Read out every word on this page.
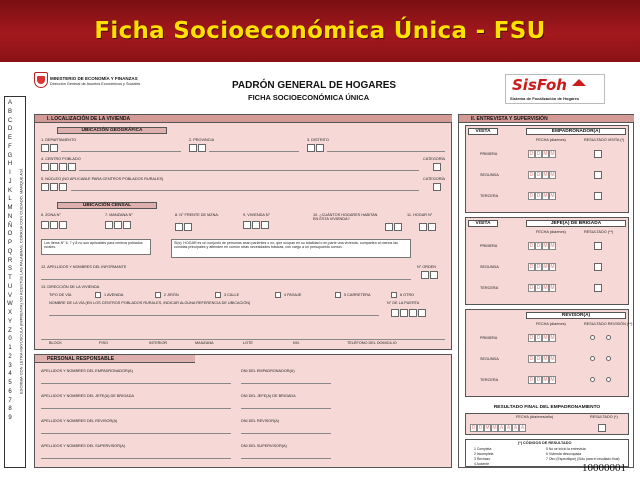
Ficha Socioeconómica Única - FSU
MINISTERIO DE ECONOMÍA Y FINANZAS
Dirección General de Asuntos Económicos y Sociales	PADRÓN GENERAL DE HOGARES
FICHA SOCIOECONÓMICA ÚNICA
SisFoh
Sistema de Focalización de Hogares
A
B
C
D
E
F
G
H
I
J
K
L
M
N
Ñ
O
P
Q
R
S
T
U
V
W
X
Y
Z
0
1
2
3
4
5
6
7
8
9
ESCRIBA CON LETRA MAYÚSCULA (IMPRENTA) NO ACENTÚE LAS PALABRAS, CORRIJA CON CUIDADO, MARQUE ASÍ
I. LOCALIZACIÓN DE LA VIVIENDA
UBICACIÓN GEOGRÁFICA
1. DEPARTAMENTO	2. PROVINCIA	3. DISTRITO
4. CENTRO POBLADO	CATEGORÍA
5. NÚCLEO (NO APLICABLE PARA CENTROS POBLADOS RURALES)	CATEGORÍA
UBICACIÓN CENSAL
6. ZONA N°	7. MANZANA N°	8. N° FRENTE DE MZNA.	9. VIVIENDA N°	10. ¿CUÁNTOS HOGARES HABITAN EN ESTA VIVIENDA?
11. HOGAR N°
Los ítems N° 6, 7 y 8 no son aplicables para centros poblados rurales.
Si(s): HOGAR es un conjunto de personas sean parientes o no, que ocupan en su totalidad o en parte una vivienda, comparten al menos las comidas principales y atienden en común otras necesidades básicas, con cargo a un presupuesto común.
12. APELLIDOS Y NOMBRES DEL INFORMANTE	N° ORDEN
13. DIRECCIÓN DE LA VIVIENDA
TIPO DE VÍA	1 AVENIDA	2 JIRÓN	3 CALLE	4 PASAJE	5 CARRETERA	6 OTRO
NOMBRE DE LA VÍA (EN LOS CENTROS POBLADOS RURALES, INDICAR ALGUNA REFERENCIA DE UBICACIÓN)	N° DE LA PUERTA
BLOCK	PISO	INTERIOR	MANZANA	LOTE	KM.	TELÉFONO DEL DOMICILIO
PERSONAL RESPONSABLE
APELLIDOS Y NOMBRES DEL EMPADRONADOR(A)	DNI DEL EMPADRONADOR(A)
APELLIDOS Y NOMBRES DEL JEFE(A) DE BRIGADA	DNI DEL JEFE(A) DE BRIGADA
APELLIDOS Y NOMBRES DEL REVISOR(A)	DNI DEL REVISOR(A)
APELLIDOS Y NOMBRES DEL SUPERVISOR(A)	DNI DEL SUPERVISOR(A)
II. ENTREVISTA Y SUPERVISIÓN
VISITA	EMPADRONADOR(A)
FECHA (día/mes)	RESULTADO VISITA (*)
PRIMERA	D D M M
SEGUNDA	D D M M
TERCERA	D D M M
VISITA	JEFE(A) DE BRIGADA
FECHA (día/mes)	RESULTADO (**)
PRIMERA	D D M M
SEGUNDA	D D M M
TERCERA	D D M M
REVISOR(A)
FECHA (día/mes)	RESULTADO REVISIÓN (**)
PRIMERA	D D M M
SEGUNDA	D D M M
TERCERA	D D M M
RESULTADO FINAL DEL EMPADRONAMIENTO
FECHA (día/mes/año)	RESULTADO (*)
D D M M A A A A
(*) CÓDIGOS DE RESULTADO
1 Completa
2 Incompleta
3 Rechazo
4 Ausente
5 No se inició la entrevista
6 Vivienda desocupada
7 Otro (Especifique) (Sólo para el resultado final)
10000001
